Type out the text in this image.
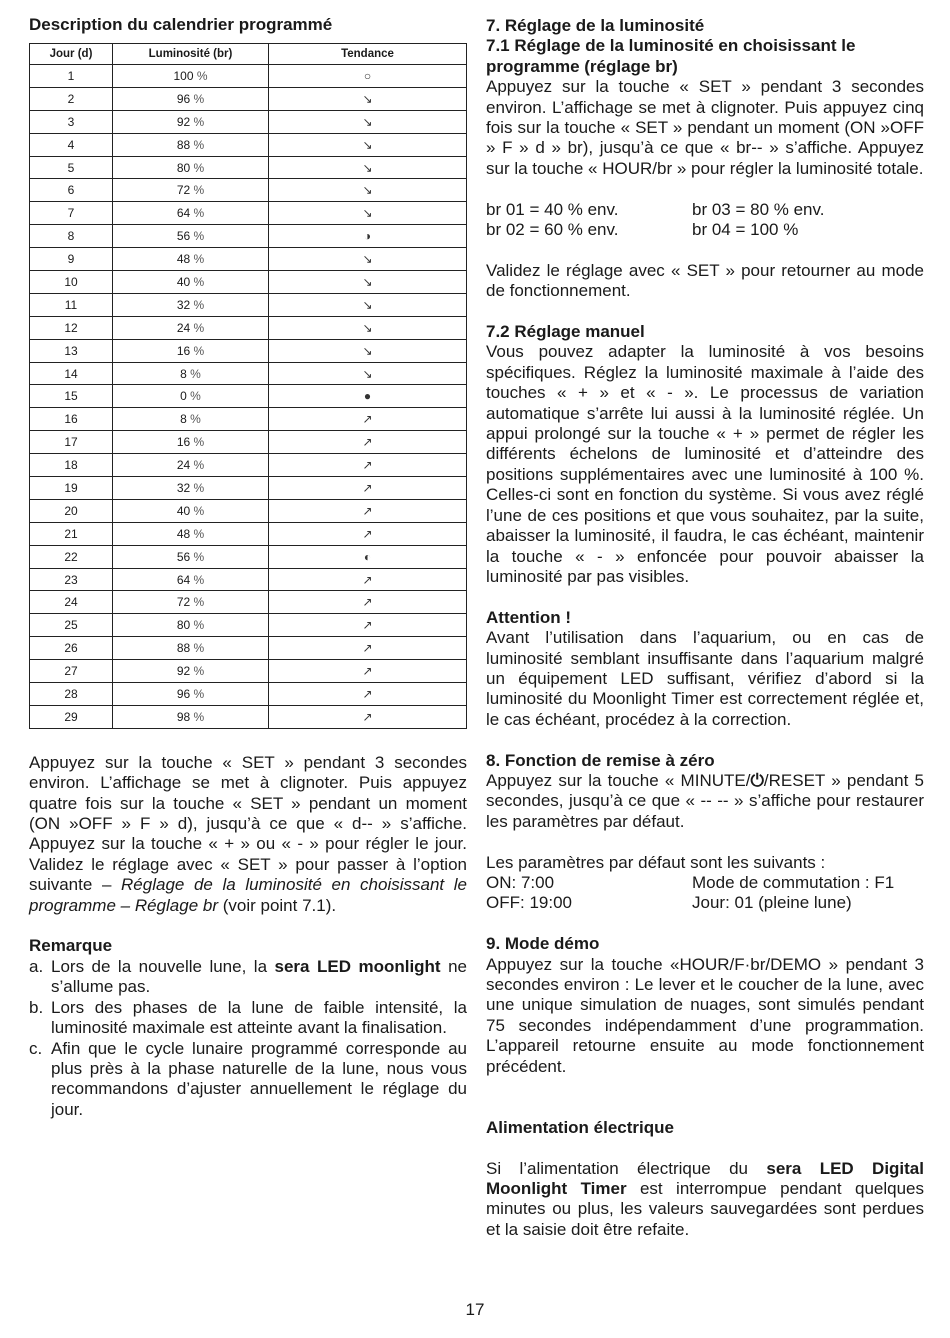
Description du calendrier programmé
Jour (d)	Luminosité (br)	Tendance
1	100 %	○
2	96 %	↘
3	92 %	↘
4	88 %	↘
5	80 %	↘
6	72 %	↘
7	64 %	↘
8	56 %	◑
9	48 %	↘
10	40 %	↘
11	32 %	↘
12	24 %	↘
13	16 %	↘
14	8 %	↘
15	0 %	●
16	8 %	↗
17	16 %	↗
18	24 %	↗
19	32 %	↗
20	40 %	↗
21	48 %	↗
22	56 %	◐
23	64 %	↗
24	72 %	↗
25	80 %	↗
26	88 %	↗
27	92 %	↗
28	96 %	↗
29	98 %	↗

Appuyez sur la touche « SET » pendant 3 secondes environ. L’affichage se met à clignoter. Puis appuyez quatre fois sur la touche « SET » pendant un moment (ON »OFF » F » d), jusqu’à ce que « d-- » s’affiche. Appuyez sur la touche « + » ou « - » pour régler le jour. Validez le réglage avec « SET » pour passer à l’option suivante – Réglage de la luminosité en choisissant le programme – Réglage br (voir point 7.1).

Remarque
a. Lors de la nouvelle lune, la sera LED moonlight ne s’allume pas.
b. Lors des phases de la lune de faible intensité, la luminosité maximale est atteinte avant la finalisation.
c. Afin que le cycle lunaire programmé corresponde au plus près à la phase naturelle de la lune, nous vous recommandons d’ajuster annuellement le réglage du jour.
7. Réglage de la luminosité
7.1 Réglage de la luminosité en choisissant le programme (réglage br)

Appuyez sur la touche « SET » pendant 3 secondes environ. L’affichage se met à clignoter. Puis appuyez cinq fois sur la touche « SET » pendant un moment (ON »OFF » F » d » br), jusqu’à ce que « br-- » s’affiche. Appuyez sur la touche « HOUR/br » pour régler la luminosité totale.

br 01 = 40 % env.	br 03 = 80 % env.
br 02 = 60 % env.	br 04 = 100 %

Validez le réglage avec « SET » pour retourner au mode de fonctionnement.

7.2 Réglage manuel

Vous pouvez adapter la luminosité à vos besoins spécifiques. Réglez la luminosité maximale à l’aide des touches « + » et « - ». Le processus de variation automatique s’arrête lui aussi à la luminosité réglée. Un appui prolongé sur la touche « + » permet de régler les différents échelons de luminosité et d’atteindre des positions supplémentaires avec une luminosité à 100 %. Celles-ci sont en fonction du système. Si vous avez réglé l’une de ces positions et que vous souhaitez, par la suite, abaisser la luminosité, il faudra, le cas échéant, maintenir la touche « - » enfoncée pour pouvoir abaisser la luminosité par pas visibles.

Attention !

Avant l’utilisation dans l’aquarium, ou en cas de luminosité semblant insuffisante dans l’aquarium malgré un équipement LED suffisant, vérifiez d’abord si la luminosité du Moonlight Timer est correctement réglée et, le cas échéant, procédez à la correction.

8. Fonction de remise à zéro

Appuyez sur la touche « MINUTE/⏻/RESET » pendant 5 secondes, jusqu’à ce que « -- -- » s’affiche pour restaurer les paramètres par défaut.

Les paramètres par défaut sont les suivants :

ON: 7:00	Mode de commutation : F1
OFF: 19:00	Jour: 01 (pleine lune)
9. Mode démo

Appuyez sur la touche «HOUR/F·br/DEMO » pendant 3 secondes environ : Le lever et le coucher de la lune, avec une unique simulation de nuages, sont simulés pendant 75 secondes indépendamment d’une programmation. L’appareil retourne ensuite au mode fonctionnement précédent.

Alimentation électrique

Si l’alimentation électrique du sera LED Digital Moonlight Timer est interrompue pendant quelques minutes ou plus, les valeurs sauvegardées sont perdues et la saisie doit être refaite.

17
